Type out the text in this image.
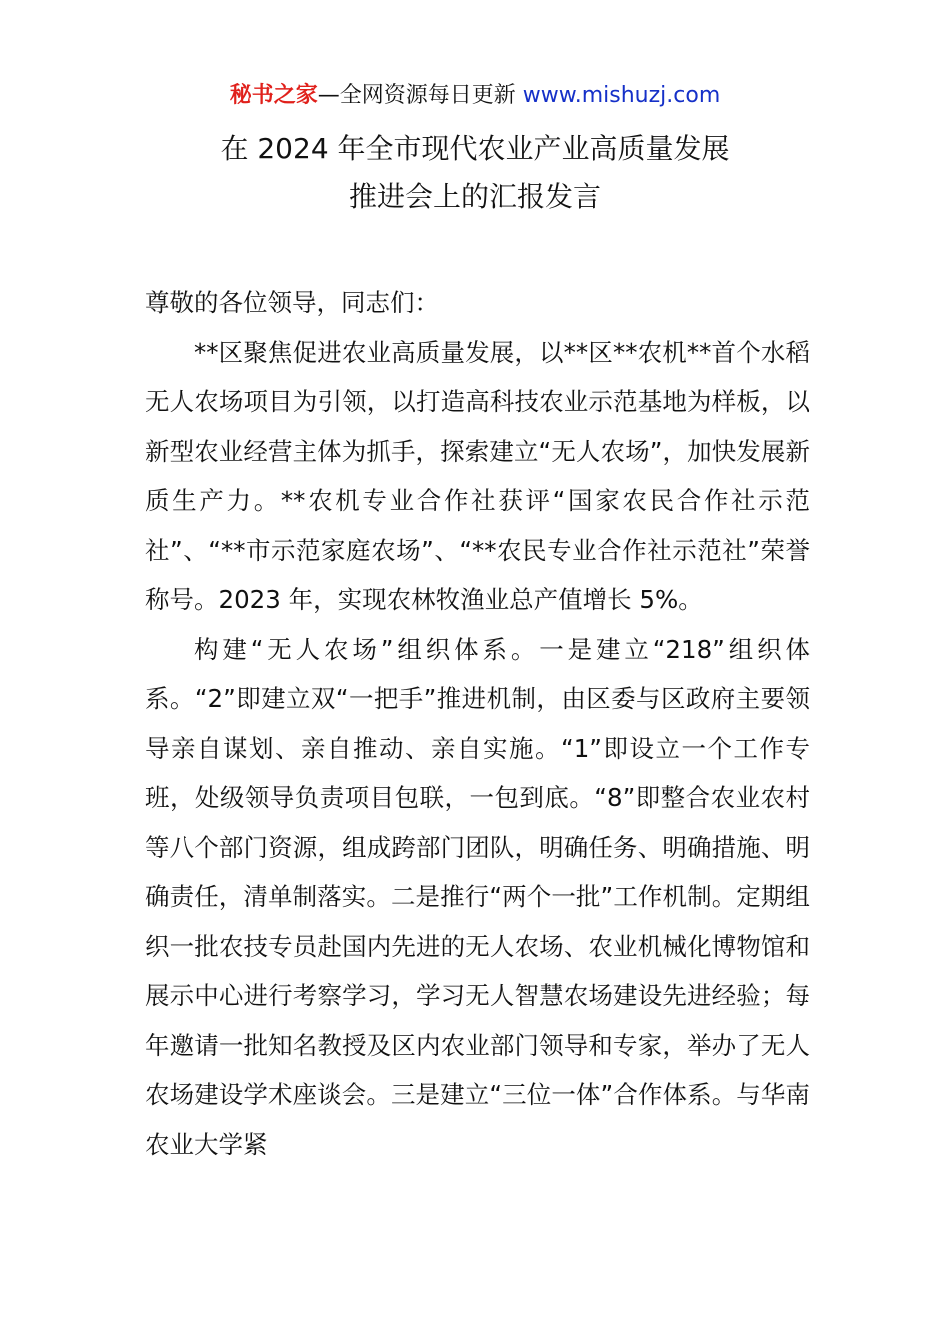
秘书之家—全网资源每日更新 www.mishuzj.com
在 2024 年全市现代农业产业高质量发展
推进会上的汇报发言

尊敬的各位领导，同志们：

**区聚焦促进农业高质量发展，以**区**农机**首个水稻无人农场项目为引领，以打造高科技农业示范基地为样板，以新型农业经营主体为抓手，探索建立“无人农场”，加快发展新质生产力。**农机专业合作社获评“国家农民合作社示范社”、“**市示范家庭农场”、“**农民专业合作社示范社”荣誉称号。2023 年，实现农林牧渔业总产值增长 5%。

构建“无人农场”组织体系。一是建立“218”组织体系。“2”即建立双“一把手”推进机制，由区委与区政府主要领导亲自谋划、亲自推动、亲自实施。“1”即设立一个工作专班，处级领导负责项目包联，一包到底。“8”即整合农业农村等八个部门资源，组成跨部门团队，明确任务、明确措施、明确责任，清单制落实。二是推行“两个一批”工作机制。定期组织一批农技专员赴国内先进的无人农场、农业机械化博物馆和展示中心进行考察学习，学习无人智慧农场建设先进经验；每年邀请一批知名教授及区内农业部门领导和专家，举办了无人农场建设学术座谈会。三是建立“三位一体”合作体系。与华南农业大学紧
